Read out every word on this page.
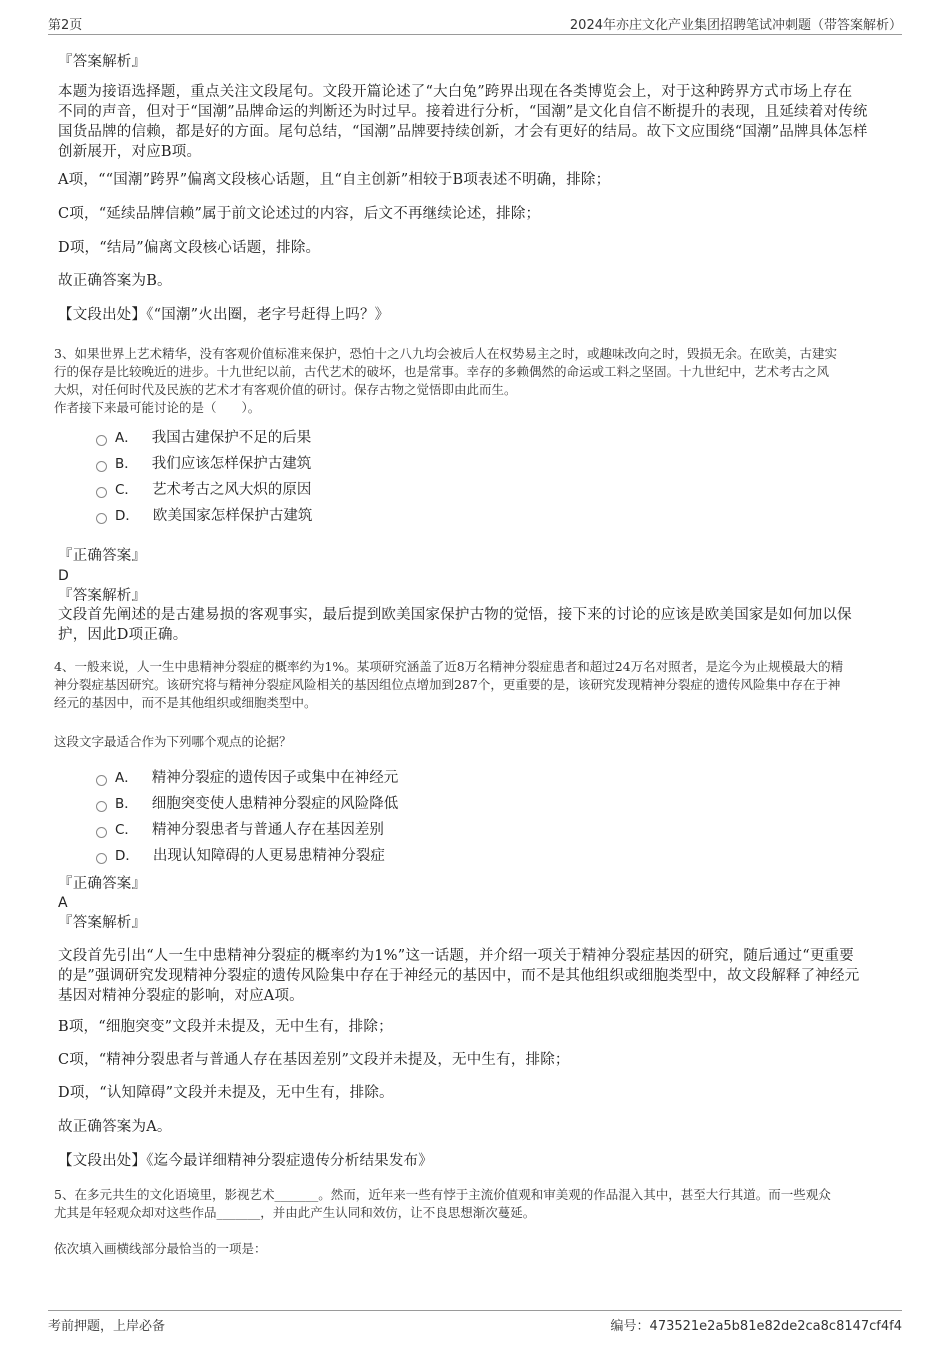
第2页	2024年亦庄文化产业集团招聘笔试冲刺题（带答案解析）
『答案解析』
本题为接语选择题，重点关注文段尾句。文段开篇论述了“大白兔”跨界出现在各类博览会上，对于这种跨界方式市场上存在
不同的声音，但对于“国潮”品牌命运的判断还为时过早。接着进行分析，“国潮”是文化自信不断提升的表现，且延续着对传统
国货品牌的信赖，都是好的方面。尾句总结，“国潮”品牌要持续创新，才会有更好的结局。故下文应围绕“国潮”品牌具体怎样
创新展开，对应B项。
A项，““国潮”跨界”偏离文段核心话题，且“自主创新”相较于B项表述不明确，排除；
C项，“延续品牌信赖”属于前文论述过的内容，后文不再继续论述，排除；
D项，“结局”偏离文段核心话题，排除。
故正确答案为B。
【文段出处】《“国潮”火出圈，老字号赶得上吗？》
3、如果世界上艺术精华，没有客观价值标准来保护，恐怕十之八九均会被后人在权势易主之时，或趣味改向之时，毁损无余。在欧美，古建实
行的保存是比较晚近的进步。十九世纪以前，古代艺术的破坏，也是常事。幸存的多赖偶然的命运或工料之坚固。十九世纪中，艺术考古之风
大炽，对任何时代及民族的艺术才有客观价值的研讨。保存古物之觉悟即由此而生。
作者接下来最可能讨论的是（　　）。
A． 我国古建保护不足的后果
B． 我们应该怎样保护古建筑
C． 艺术考古之风大炽的原因
D． 欧美国家怎样保护古建筑
『正确答案』
D
『答案解析』
文段首先阐述的是古建易损的客观事实，最后提到欧美国家保护古物的觉悟，接下来的讨论的应该是欧美国家是如何加以保
护，因此D项正确。
4、一般来说，人一生中患精神分裂症的概率约为1%。某项研究涵盖了近8万名精神分裂症患者和超过24万名对照者，是迄今为止规模最大的精
神分裂症基因研究。该研究将与精神分裂症风险相关的基因组位点增加到287个，更重要的是，该研究发现精神分裂症的遗传风险集中存在于神
经元的基因中，而不是其他组织或细胞类型中。
这段文字最适合作为下列哪个观点的论据？
A． 精神分裂症的遗传因子或集中在神经元
B． 细胞突变使人患精神分裂症的风险降低
C． 精神分裂患者与普通人存在基因差别
D． 出现认知障碍的人更易患精神分裂症
『正确答案』
A
『答案解析』
文段首先引出“人一生中患精神分裂症的概率约为1%”这一话题，并介绍一项关于精神分裂症基因的研究，随后通过“更重要
的是”强调研究发现精神分裂症的遗传风险集中存在于神经元的基因中，而不是其他组织或细胞类型中，故文段解释了神经元
基因对精神分裂症的影响，对应A项。
B项，“细胞突变”文段并未提及，无中生有，排除；
C项，“精神分裂患者与普通人存在基因差别”文段并未提及，无中生有，排除；
D项，“认知障碍”文段并未提及，无中生有，排除。
故正确答案为A。
【文段出处】《迄今最详细精神分裂症遗传分析结果发布》
5、在多元共生的文化语境里，影视艺术_______。然而，近年来一些有悖于主流价值观和审美观的作品混入其中，甚至大行其道。而一些观众
尤其是年轻观众却对这些作品_______，并由此产生认同和效仿，让不良思想渐次蔓延。
依次填入画横线部分最恰当的一项是：
考前押题，上岸必备	编号：473521e2a5b81e82de2ca8c8147cf4f4
